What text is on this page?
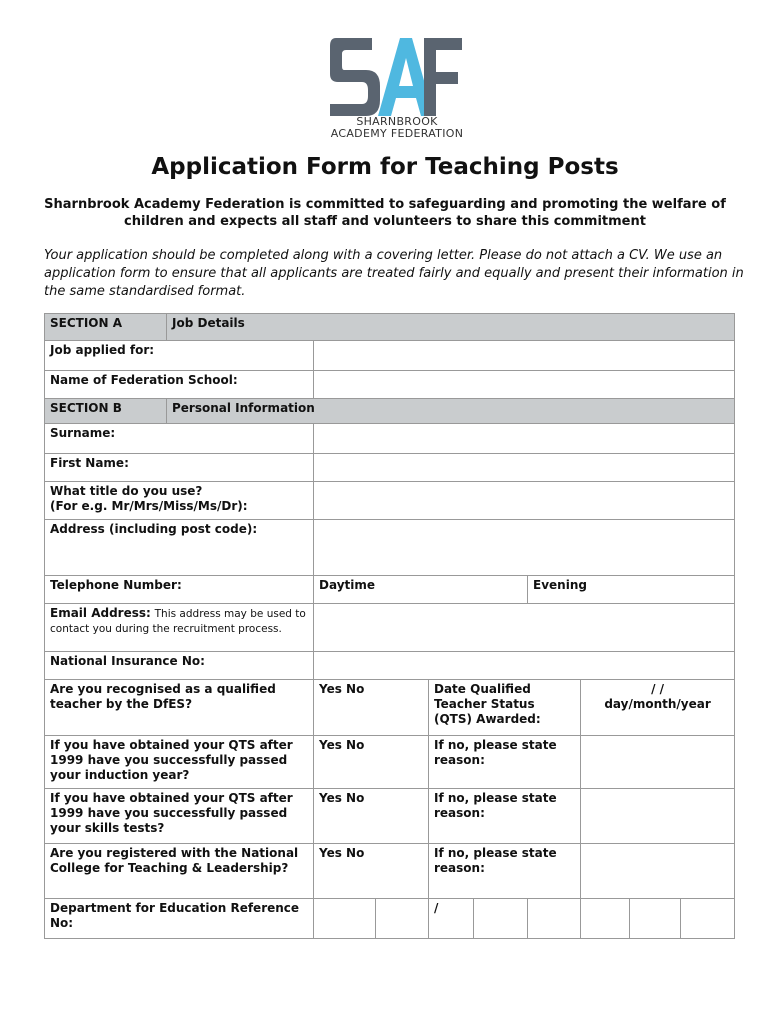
SHARNBROOK
ACADEMY FEDERATION
Application Form for Teaching Posts
Sharnbrook Academy Federation is committed to safeguarding and promoting the welfare of children and expects all staff and volunteers to share this commitment
Your application should be completed along with a covering letter. Please do not attach a CV. We use an application form to ensure that all applicants are treated fairly and equally and present their information in the same standardised format.
SECTION A	Job Details								
Job applied for:									
Name of Federation School:									
SECTION B	Personal Information								
Surname:									
First Name:									

What title do you use?
(For e.g. Mr/Mrs/Miss/Ms/Dr):									

Address (including post code):									
Telephone Number:		Daytime				Evening			
Email Address: This address may be used to contact you during the recruitment process.									
National Insurance No:									
Are you recognised as a qualified teacher by the DfES?		Yes No		Date Qualified Teacher Status (QTS) Awarded:			/ /
day/month/year		

If you have obtained your QTS after 1999 have you successfully passed your induction year?		Yes No		If no, please state reason:					
If you have obtained your QTS after 1999 have you successfully passed your skills tests?		Yes No		If no, please state reason:					
Are you registered with the National College for Teaching & Leadership?		Yes No		If no, please state reason:					
Department for Education Reference No:				/					
